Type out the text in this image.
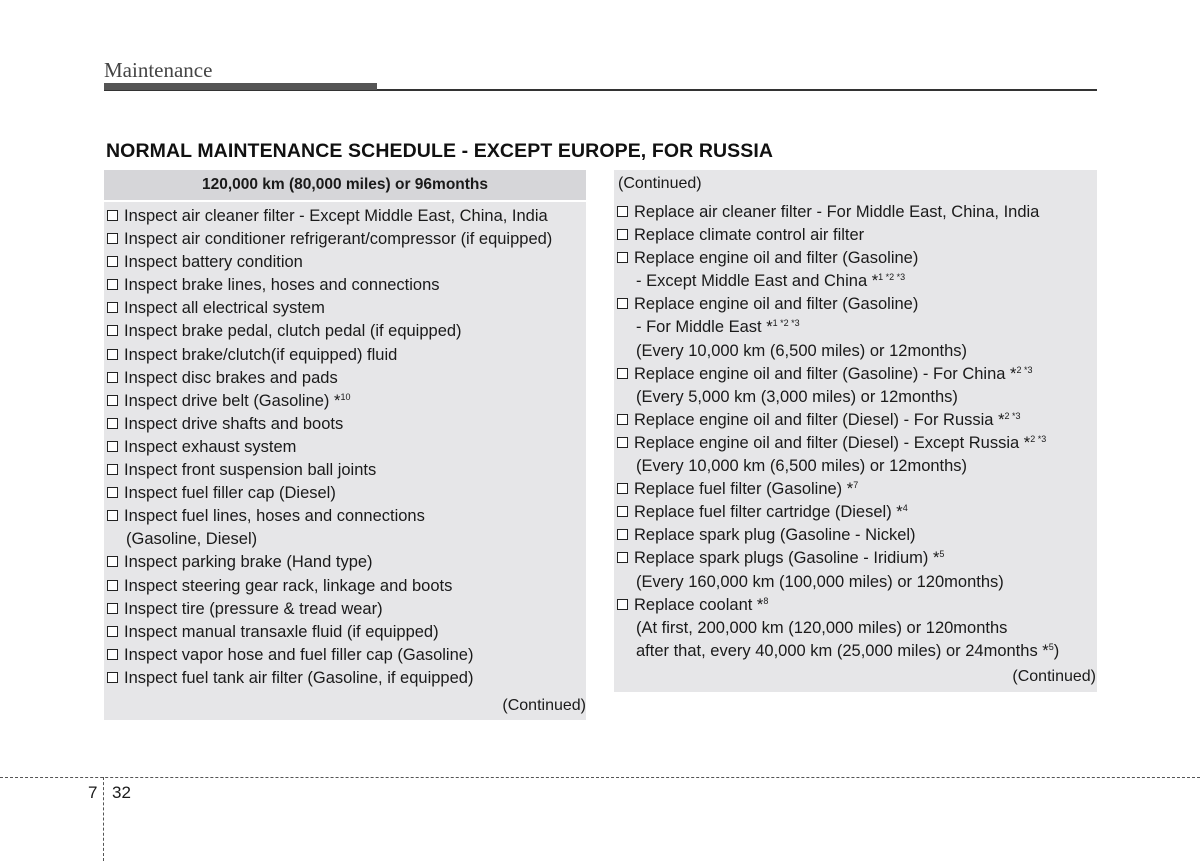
Maintenance
NORMAL MAINTENANCE SCHEDULE - EXCEPT EUROPE, FOR RUSSIA
120,000 km (80,000 miles) or 96months
Inspect air cleaner filter - Except Middle East, China, India
Inspect air conditioner refrigerant/compressor (if equipped)
Inspect battery condition
Inspect brake lines, hoses and connections
Inspect all electrical system
Inspect brake pedal, clutch pedal (if equipped)
Inspect brake/clutch(if equipped) fluid
Inspect disc brakes and pads
Inspect drive belt (Gasoline) *$^{10}$
Inspect drive shafts and boots
Inspect exhaust system
Inspect front suspension ball joints
Inspect fuel filler cap (Diesel)
Inspect fuel lines, hoses and connections
(Gasoline, Diesel)
Inspect parking brake (Hand type)
Inspect steering gear rack, linkage and boots
Inspect tire (pressure & tread wear)
Inspect manual transaxle fluid (if equipped)
Inspect vapor hose and fuel filler cap (Gasoline)
Inspect fuel tank air filter (Gasoline, if equipped)
(Continued)
(Continued)
Replace air cleaner filter - For Middle East, China, India
Replace climate control air filter
Replace engine oil and filter (Gasoline)
- Except Middle East and China *$^{1 *2 *3}$
Replace engine oil and filter (Gasoline)
- For Middle East *$^{1 *2 *3}$
(Every 10,000 km (6,500 miles) or 12months)
Replace engine oil and filter (Gasoline) - For China *$^{2 *3}$
(Every 5,000 km (3,000 miles) or 12months)
Replace engine oil and filter (Diesel) - For Russia *$^{2 *3}$
Replace engine oil and filter (Diesel) - Except Russia *$^{2 *3}$
(Every 10,000 km (6,500 miles) or 12months)
Replace fuel filter (Gasoline) *$^7$
Replace fuel filter cartridge (Diesel) *$^4$
Replace spark plug (Gasoline - Nickel)
Replace spark plugs (Gasoline - Iridium) *$^5$
(Every 160,000 km (100,000 miles) or 120months)
Replace coolant *$^8$
(At first, 200,000 km (120,000 miles) or 120months
after that, every 40,000 km (25,000 miles) or 24months *$^5$)
(Continued)
7 32
